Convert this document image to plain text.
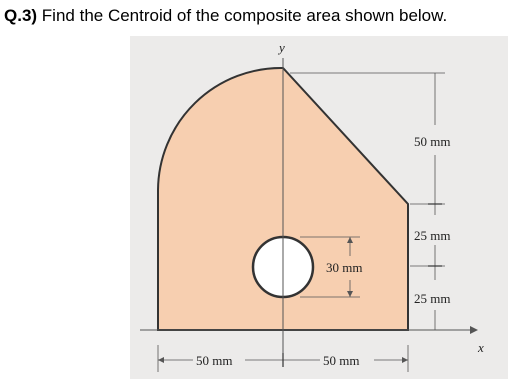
Q.3) Find the Centroid of the composite area shown below.
y
x
50 mm
25 mm
25 mm
30 mm
50 mm	50 mm
